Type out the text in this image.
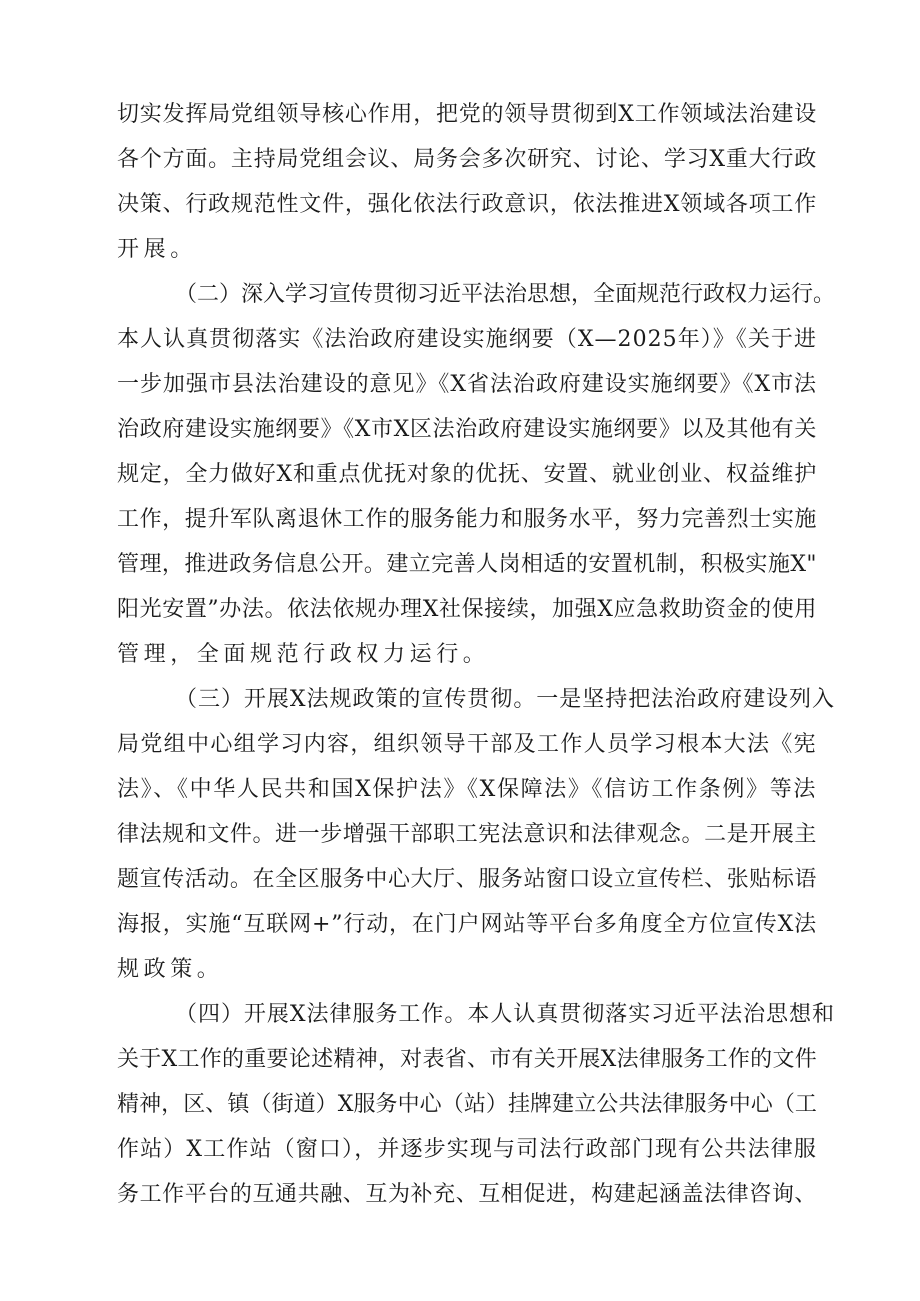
切实发挥局党组领导核心作用，把党的领导贯彻到X工作领域法治建设
各个方面。主持局党组会议、局务会多次研究、讨论、学习X重大行政
决策、行政规范性文件，强化依法行政意识，依法推进X领域各项工作
开展。
（二）深入学习宣传贯彻习近平法治思想，全面规范行政权力运行。
本人认真贯彻落实《法治政府建设实施纲要（X—2025年）》《关于进
一步加强市县法治建设的意见》《X省法治政府建设实施纲要》《X市法
治政府建设实施纲要》《X市X区法治政府建设实施纲要》以及其他有关
规定，全力做好X和重点优抚对象的优抚、安置、就业创业、权益维护
工作，提升军队离退休工作的服务能力和服务水平，努力完善烈士实施
管理，推进政务信息公开。建立完善人岗相适的安置机制，积极实施X"
阳光安置”办法。依法依规办理X社保接续，加强X应急救助资金的使用
管理，全面规范行政权力运行。
（三）开展X法规政策的宣传贯彻。一是坚持把法治政府建设列入
局党组中心组学习内容，组织领导干部及工作人员学习根本大法《宪
法》、《中华人民共和国X保护法》《X保障法》《信访工作条例》等法
律法规和文件。进一步增强干部职工宪法意识和法律观念。二是开展主
题宣传活动。在全区服务中心大厅、服务站窗口设立宣传栏、张贴标语
海报，实施“互联网+”行动，在门户网站等平台多角度全方位宣传X法
规政策。
（四）开展X法律服务工作。本人认真贯彻落实习近平法治思想和
关于X工作的重要论述精神，对表省、市有关开展X法律服务工作的文件
精神，区、镇（街道）X服务中心（站）挂牌建立公共法律服务中心（工
作站）X工作站（窗口），并逐步实现与司法行政部门现有公共法律服
务工作平台的互通共融、互为补充、互相促进，构建起涵盖法律咨询、
